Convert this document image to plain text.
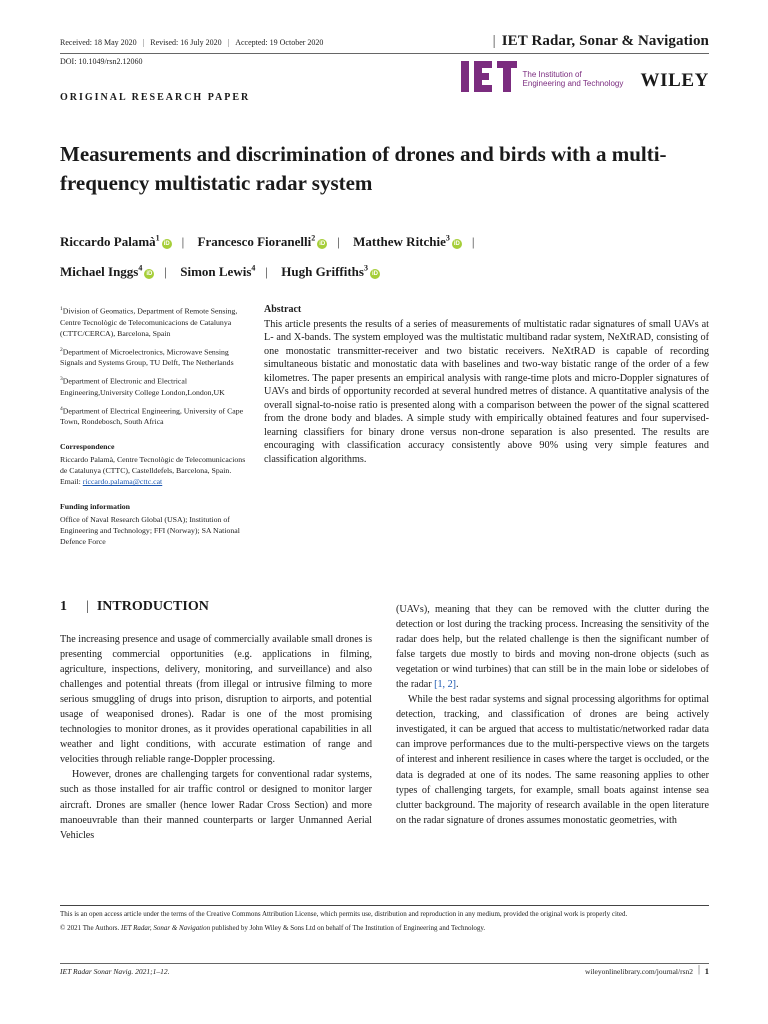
Received: 18 May 2020 | Revised: 16 July 2020 | Accepted: 19 October 2020	| IET Radar, Sonar & Navigation
DOI: 10.1049/rsn2.12060
The Institution of
Engineering and Technology WILEY
ORIGINAL RESEARCH PAPER
Measurements and discrimination of drones and birds with a multi-frequency multistatic radar system
Riccardo Palamà$^1$iD | Francesco Fioranelli$^2$iD | Matthew Ritchie$^3$iD |
Michael Inggs$^4$iD | Simon Lewis$^4$ | Hugh Griffiths$^3$iD
$^1$Division of Geomatics, Department of Remote Sensing, Centre Tecnològic de Telecomunicacions de Catalunya (CTTC/CERCA), Barcelona, Spain
$^2$Department of Microelectronics, Microwave Sensing Signals and Systems Group, TU Delft, The Netherlands
$^3$Department of Electronic and Electrical Engineering,University College London,London,UK
$^4$Department of Electrical Engineering, University of Cape Town, Rondebosch, South Africa
Correspondence
Riccardo Palamà, Centre Tecnològic de Telecomunicacions de Catalunya (CTTC), Castelldefels, Barcelona, Spain.
Email: riccardo.palama@cttc.cat
Funding information
Office of Naval Research Global (USA); Institution of Engineering and Technology; FFI (Norway); SA National Defence Force
Abstract

This article presents the results of a series of measurements of multistatic radar signatures of small UAVs at L- and X-bands. The system employed was the multistatic multiband radar system, NeXtRAD, consisting of one monostatic transmitter-receiver and two bistatic receivers. NeXtRAD is capable of recording simultaneous bistatic and monostatic data with baselines and two-way bistatic range of the order of a few kilometres. The paper presents an empirical analysis with range-time plots and micro-Doppler signatures of UAVs and birds of opportunity recorded at several hundred metres of distance. A quantitative analysis of the overall signal-to-noise ratio is presented along with a comparison between the power of the signal scattered from the drone body and blades. A simple study with empirically obtained features and four supervised-learning classifiers for binary drone versus non-drone separation is also presented. The results are encouraging with classification accuracy consistently above 90% using very simple features and classification algorithms.

1 | INTRODUCTION

The increasing presence and usage of commercially available small drones is presenting commercial opportunities (e.g. applications in filming, agriculture, inspections, delivery, monitoring, and surveillance) and also challenges and potential threats (from illegal or intrusive filming to more serious smuggling of drugs into prison, disruption to airports, and potential usage of weaponised drones). Radar is one of the most promising technologies to monitor drones, as it provides operational capabilities in all weather and light conditions, with accurate estimation of range and velocities through reliable range-Doppler processing.

However, drones are challenging targets for conventional radar systems, such as those installed for air traffic control or designed to monitor larger aircraft. Drones are smaller (hence lower Radar Cross Section) and more manoeuvrable than their manned counterparts or larger Unmanned Aerial Vehicles

(UAVs), meaning that they can be removed with the clutter during the detection or lost during the tracking process. Increasing the sensitivity of the radar does help, but the related challenge is then the significant number of false targets due mostly to birds and moving non-drone objects (such as vegetation or wind turbines) that can still be in the main lobe or sidelobes of the radar [1, 2].

While the best radar systems and signal processing algorithms for optimal detection, tracking, and classification of drones are being actively investigated, it can be argued that access to multistatic/networked radar data can improve performances due to the multi-perspective views on the targets of interest and inherent resilience in cases where the target is occluded, or the data is degraded at one of its nodes. The same reasoning applies to other types of challenging targets, for example, small boats against intense sea clutter background. The majority of research available in the open literature on the radar signature of drones assumes monostatic geometries, with

This is an open access article under the terms of the Creative Commons Attribution License, which permits use, distribution and reproduction in any medium, provided the original work is properly cited.

© 2021 The Authors. IET Radar, Sonar & Navigation published by John Wiley & Sons Ltd on behalf of The Institution of Engineering and Technology.

IET Radar Sonar Navig. 2021;1–12.	wileyonlinelibrary.com/journal/rsn2 | 1
